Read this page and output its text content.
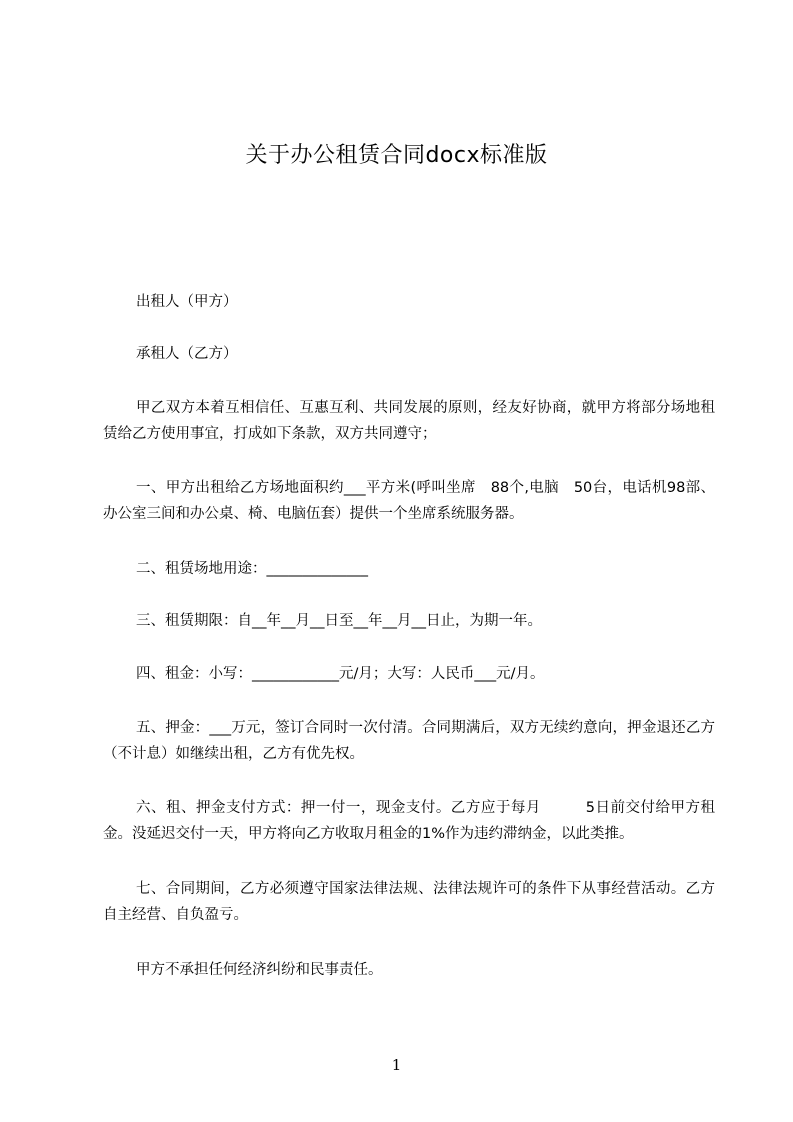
关于办公租赁合同docx标准版

出租人（甲方）

承租人（乙方）

甲乙双方本着互相信任、互惠互利、共同发展的原则，经友好协商，就甲方将部分场地租赁给乙方使用事宜，打成如下条款，双方共同遵守；

一、甲方出租给乙方场地面积约___平方米(呼叫坐席　88个,电脑　50台，电话机98部、办公室三间和办公桌、椅、电脑伍套）提供一个坐席系统服务器。

二、租赁场地用途：______________

三、租赁期限：自__年__月__日至__年__月__日止，为期一年。

四、租金：小写：____________元/月；大写：人民币___元/月。

五、押金：___万元，签订合同时一次付清。合同期满后，双方无续约意向，押金退还乙方（不计息）如继续出租，乙方有优先权。

六、租、押金支付方式：押一付一，现金支付。乙方应于每月　　　5日前交付给甲方租金。没延迟交付一天，甲方将向乙方收取月租金的1%作为违约滞纳金，以此类推。

七、合同期间，乙方必须遵守国家法律法规、法律法规许可的条件下从事经营活动。乙方自主经营、自负盈亏。

甲方不承担任何经济纠纷和民事责任。

1
